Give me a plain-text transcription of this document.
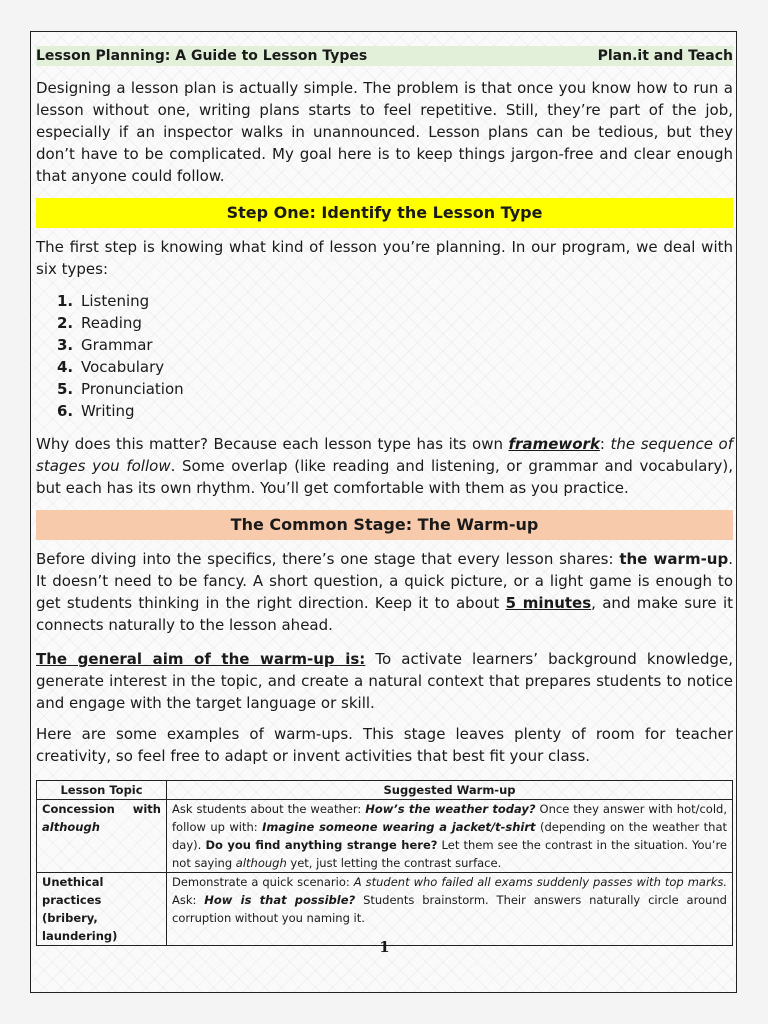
Lesson Planning: A Guide to Lesson Types	Plan.it and Teach

Designing a lesson plan is actually simple. The problem is that once you know how to run a lesson without one, writing plans starts to feel repetitive. Still, they’re part of the job, especially if an inspector walks in unannounced. Lesson plans can be tedious, but they don’t have to be complicated. My goal here is to keep things jargon-free and clear enough that anyone could follow.

Step One: Identify the Lesson Type

The first step is knowing what kind of lesson you’re planning. In our program, we deal with six types:

1. Listening
2. Reading
3. Grammar
4. Vocabulary
5. Pronunciation
6. Writing

Why does this matter? Because each lesson type has its own framework: the sequence of stages you follow. Some overlap (like reading and listening, or grammar and vocabulary), but each has its own rhythm. You’ll get comfortable with them as you practice.

The Common Stage: The Warm-up

Before diving into the specifics, there’s one stage that every lesson shares: the warm-up. It doesn’t need to be fancy. A short question, a quick picture, or a light game is enough to get students thinking in the right direction. Keep it to about 5 minutes, and make sure it connects naturally to the lesson ahead.

The general aim of the warm-up is: To activate learners’ background knowledge, generate interest in the topic, and create a natural context that prepares students to notice and engage with the target language or skill.

Here are some examples of warm-ups. This stage leaves plenty of room for teacher creativity, so feel free to adapt or invent activities that best fit your class.

Lesson Topic	Suggested Warm-up
Concession with although	Ask students about the weather: How’s the weather today? Once they answer with hot/cold, follow up with: Imagine someone wearing a jacket/t-shirt (depending on the weather that day). Do you find anything strange here? Let them see the contrast in the situation. You’re not saying although yet, just letting the contrast surface.
Unethical practices (bribery, laundering)	Demonstrate a quick scenario: A student who failed all exams suddenly passes with top marks. Ask: How is that possible? Students brainstorm. Their answers naturally circle around corruption without you naming it.
1
